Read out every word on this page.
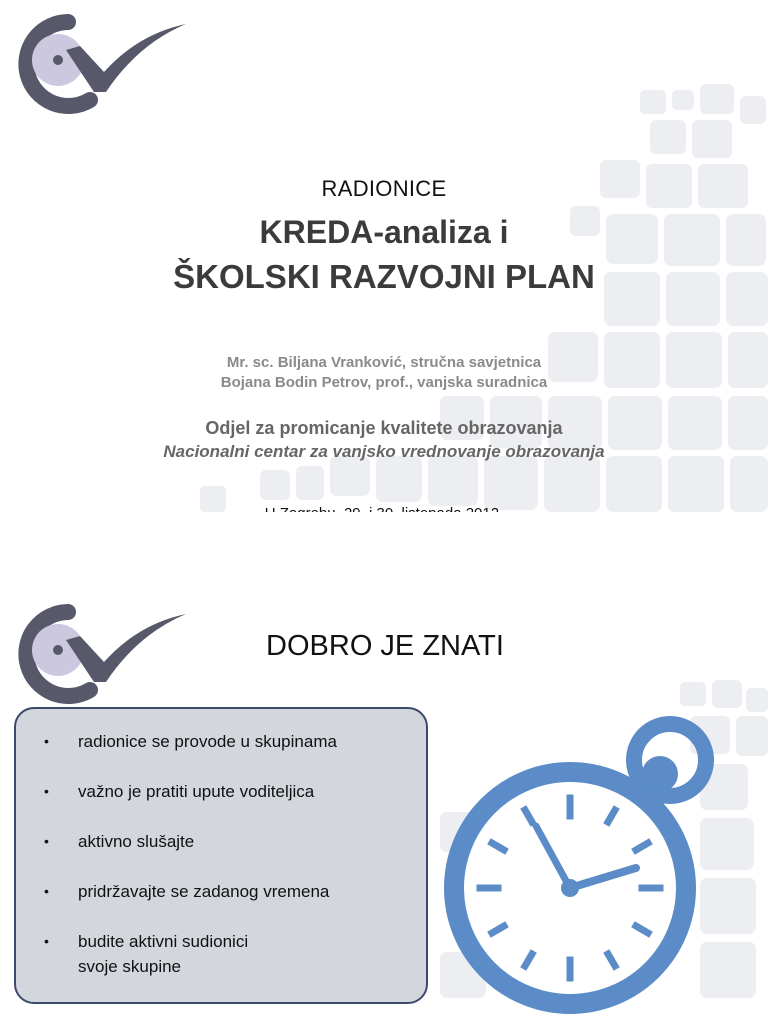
RADIONICE
KREDA-analiza i
ŠKOLSKI RAZVOJNI PLAN
Mr. sc. Biljana Vranković, stručna savjetnica
Bojana Bodin Petrov, prof., vanjska suradnica
Odjel za promicanje kvalitete obrazovanja
Nacionalni centar za vanjsko vrednovanje obrazovanja
DOBRO JE ZNATI
• radionice se provode u skupinama
• važno je pratiti upute voditeljica
• aktivno slušajte
• pridržavajte se zadanog vremena
• budite aktivni sudionici
svoje skupine
